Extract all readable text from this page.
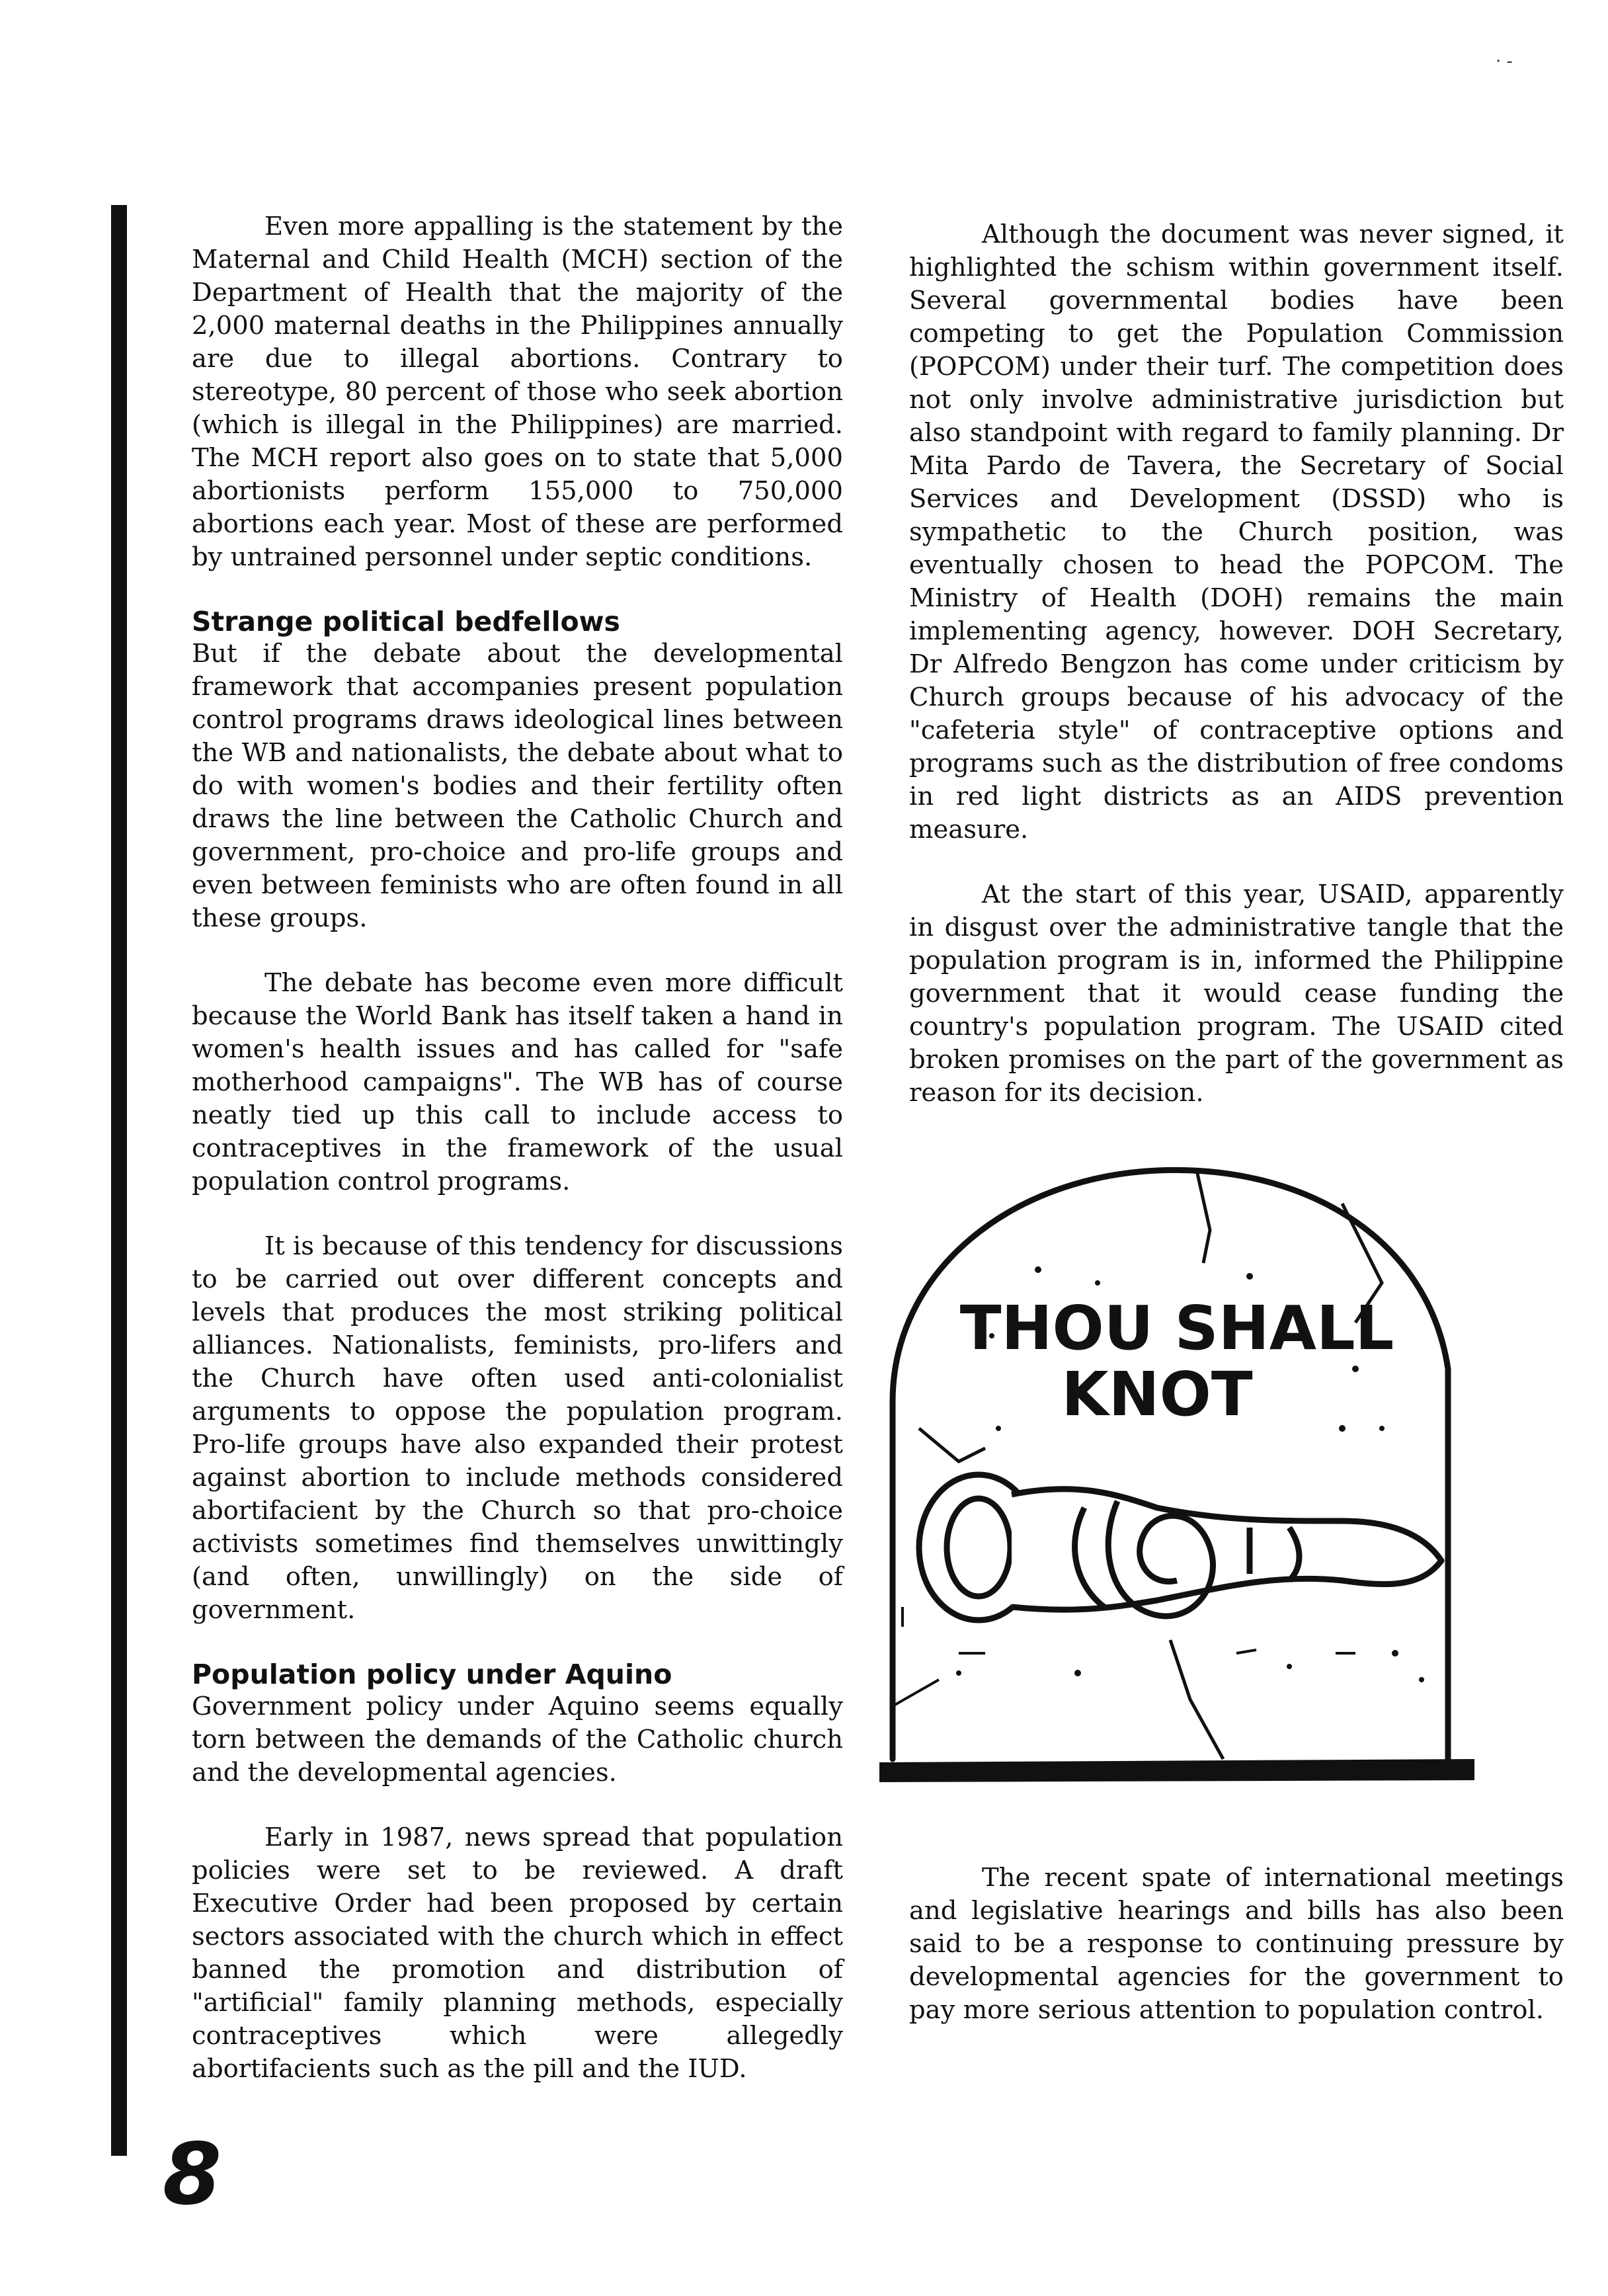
· -

Even more appalling is the statement by the Maternal and Child Health (MCH) section of the Department of Health that the majority of the 2,000 maternal deaths in the Philippines annually are due to illegal abortions. Contrary to stereotype, 80 percent of those who seek abortion (which is illegal in the Philippines) are married. The MCH report also goes on to state that 5,000 abortionists perform 155,000 to 750,000 abortions each year. Most of these are performed by untrained personnel under septic conditions.

Strange political bedfellows

But if the debate about the developmental framework that accompanies present population control programs draws ideological lines between the WB and nationalists, the debate about what to do with women's bodies and their fertility often draws the line between the Catholic Church and government, pro-choice and pro-life groups and even between feminists who are often found in all these groups.

The debate has become even more difficult because the World Bank has itself taken a hand in women's health issues and has called for "safe motherhood campaigns". The WB has of course neatly tied up this call to include access to contraceptives in the framework of the usual population control programs.

It is because of this tendency for discussions to be carried out over different concepts and levels that produces the most striking political alliances. Nationalists, feminists, pro-lifers and the Church have often used anti-colonialist arguments to oppose the population program. Pro-life groups have also expanded their protest against abortion to include methods considered abortifacient by the Church so that pro-choice activists sometimes find themselves unwittingly (and often, unwillingly) on the side of government.

Population policy under Aquino

Government policy under Aquino seems equally torn between the demands of the Catholic church and the developmental agencies.

Early in 1987, news spread that population policies were set to be reviewed. A draft Executive Order had been proposed by certain sectors associated with the church which in effect banned the promotion and distribution of "artificial" family planning methods, especially contraceptives which were allegedly abortifacients such as the pill and the IUD.

Although the document was never signed, it highlighted the schism within government itself. Several governmental bodies have been competing to get the Population Commission (POPCOM) under their turf. The competition does not only involve administrative jurisdiction but also standpoint with regard to family planning. Dr Mita Pardo de Tavera, the Secretary of Social Services and Development (DSSD) who is sympathetic to the Church position, was eventually chosen to head the POPCOM. The Ministry of Health (DOH) remains the main implementing agency, however. DOH Secretary, Dr Alfredo Bengzon has come under criticism by Church groups because of his advocacy of the "cafeteria style" of contraceptive options and programs such as the distribution of free condoms in red light districts as an AIDS prevention measure.

At the start of this year, USAID, apparently in disgust over the administrative tangle that the population program is in, informed the Philippine government that it would cease funding the country's population program. The USAID cited broken promises on the part of the government as reason for its decision.

THOU SHALL
KNOT

The recent spate of international meetings and legislative hearings and bills has also been said to be a response to continuing pressure by developmental agencies for the government to pay more serious attention to population control.

8
